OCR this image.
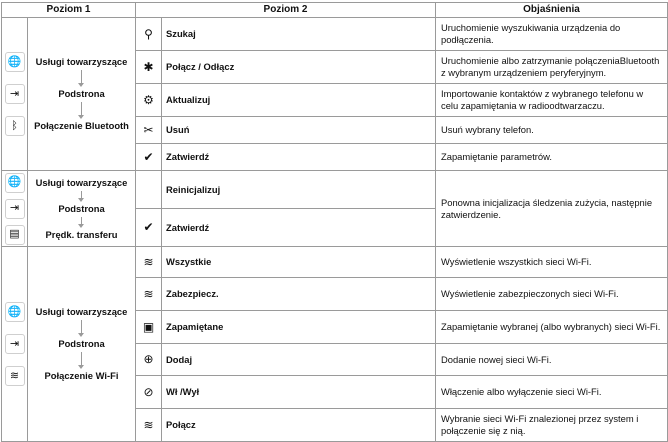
Poziom 1		Poziom 2		Objaśnienia

🌐
⇥
ᛒ	Usługi towarzyszące
Podstrona
Połączenie Bluetooth	⚲	Szukaj	Uruchomienie wyszukiwania urządzenia do podłączenia.
		✱	Połącz / Odłącz	Uruchomienie albo zatrzymanie połączeniaBluetooth z wybranym urządzeniem peryferyjnym.
		⚙	Aktualizuj	Importowanie kontaktów z wybranego telefonu w celu zapamiętania w radioodtwarzaczu.
		✂	Usuń	Usuń wybrany telefon.
		✔	Zatwierdź	Zapamiętanie parametrów.

🌐
⇥
▤	Usługi towarzyszące
Podstrona
Prędk. transferu		Reinicjalizuj	Ponowna inicjalizacja śledzenia zużycia, następnie zatwierdzenie.
		✔	Zatwierdź	

🌐
⇥
≋	Usługi towarzyszące
Podstrona
Połączenie Wi-Fi	≋	Wszystkie	Wyświetlenie wszystkich sieci Wi-Fi.
		≋	Zabezpiecz.	Wyświetlenie zabezpieczonych sieci Wi-Fi.
		▣	Zapamiętane	Zapamiętanie wybranej (albo wybranych) sieci Wi-Fi.
		⊕	Dodaj	Dodanie nowej sieci Wi-Fi.
		⊘	Wł /Wył	Włączenie albo wyłączenie sieci Wi-Fi.
		≋	Połącz	Wybranie sieci Wi-Fi znalezionej przez system i połączenie się z nią.
